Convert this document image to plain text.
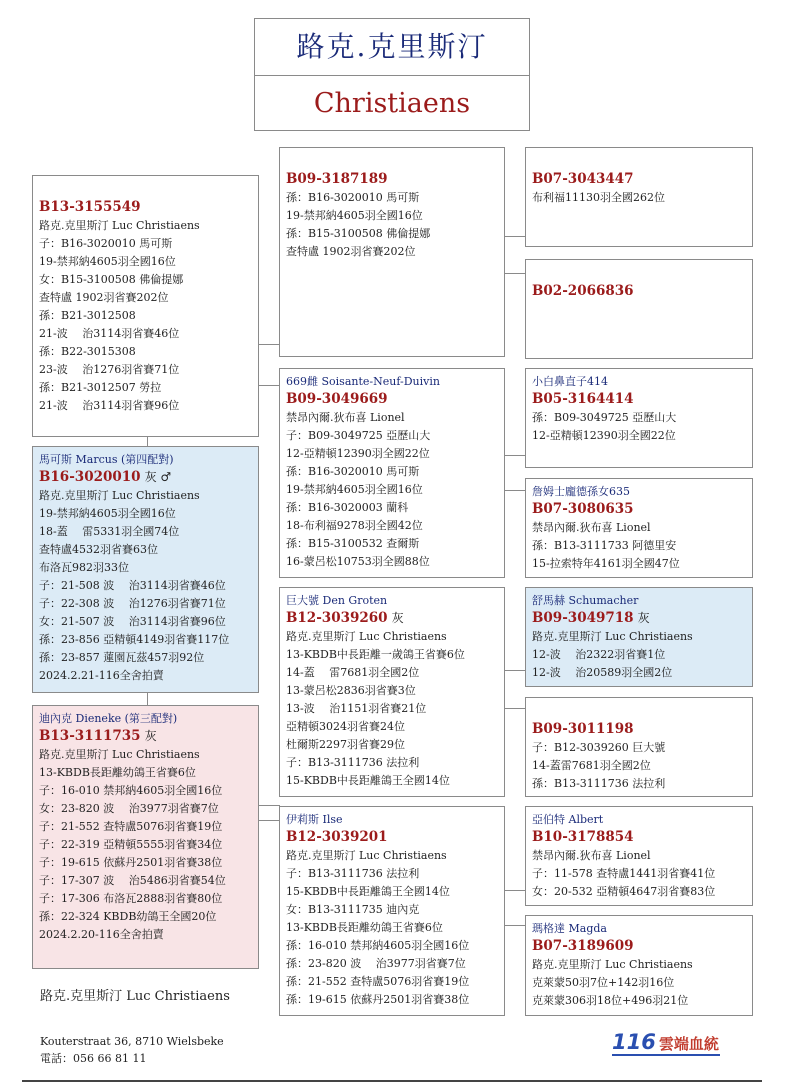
路克.克里斯汀
Christiaens
B13-3155549
路克.克里斯汀 Luc Christiaens
子：B16-3020010 馬可斯
19-禁邦納4605羽全國16位
女：B15-3100508 佛倫提娜
查特盧 1902羽省賽202位
孫：B21-3012508
21-波　 治3114羽省賽46位
孫：B22-3015308
23-波　 治1276羽省賽71位
孫：B21-3012507 勞拉
21-波　 治3114羽省賽96位
馬可斯 Marcus (第四配對)
B16-3020010 灰 ♂
路克.克里斯汀 Luc Christiaens
19-禁邦納4605羽全國16位
18-蓋　 雷5331羽全國74位
查特盧4532羽省賽63位
布洛瓦982羽33位
子：21-508 波　 治3114羽省賽46位
子：22-308 波　 治1276羽省賽71位
女：21-507 波　 治3114羽省賽96位
孫：23-856 亞精頓4149羽省賽117位
孫：23-857 蓮園瓦茲457羽92位
2024.2.21-116全舍拍賣
迪內克 Dieneke (第三配對)
B13-3111735 灰
路克.克里斯汀 Luc Christiaens
13-KBDB長距離幼鴿王省賽6位
子：16-010 禁邦納4605羽全國16位
女：23-820 波　 治3977羽省賽7位
子：21-552 查特盧5076羽省賽19位
子：22-319 亞精頓5555羽省賽34位
子：19-615 依蘇丹2501羽省賽38位
子：17-307 波　 治5486羽省賽54位
子：17-306 布洛瓦2888羽省賽80位
孫：22-324 KBDB幼鴿王全國20位
2024.2.20-116全舍拍賣
B09-3187189
孫：B16-3020010 馬可斯
19-禁邦納4605羽全國16位
孫：B15-3100508 佛倫提娜
查特盧 1902羽省賽202位
669雌 Soisante-Neuf-Duivin
B09-3049669
禁昂內爾.狄布喜 Lionel
子：B09-3049725 亞歷山大
12-亞精頓12390羽全國22位
孫：B16-3020010 馬可斯
19-禁邦納4605羽全國16位
孫：B16-3020003 蘭科
18-布利福9278羽全國42位
孫：B15-3100532 查爾斯
16-蒙呂松10753羽全國88位
巨大號 Den Groten
B12-3039260 灰
路克.克里斯汀 Luc Christiaens
13-KBDB中長距離一歲鴿王省賽6位
14-蓋　 雷7681羽全國2位
13-蒙呂松2836羽省賽3位
13-波　 治1151羽省賽21位
亞精頓3024羽省賽24位
杜爾斯2297羽省賽29位
子：B13-3111736 法拉利
15-KBDB中長距離鴿王全國14位
伊莉斯 Ilse
B12-3039201
路克.克里斯汀 Luc Christiaens
子：B13-3111736 法拉利
15-KBDB中長距離鴿王全國14位
女：B13-3111735 迪內克
13-KBDB長距離幼鴿王省賽6位
孫：16-010 禁邦納4605羽全國16位
孫：23-820 波　 治3977羽省賽7位
孫：21-552 查特盧5076羽省賽19位
孫：19-615 依蘇丹2501羽省賽38位
B07-3043447
布利福11130羽全國262位
B02-2066836
小白鼻直子414
B05-3164414
孫：B09-3049725 亞歷山大
12-亞精頓12390羽全國22位
詹姆士龐德孫女635
B07-3080635
禁昂內爾.狄布喜 Lionel
孫：B13-3111733 阿德里安
15-拉索特年4161羽全國47位
舒馬赫 Schumacher
B09-3049718 灰
路克.克里斯汀 Luc Christiaens
12-波　 治2322羽省賽1位
12-波　 治20589羽全國2位
B09-3011198
子：B12-3039260 巨大號
14-蓋雷7681羽全國2位
孫：B13-3111736 法拉利
亞伯特 Albert
B10-3178854
禁昂內爾.狄布喜 Lionel
子：11-578 查特盧1441羽省賽41位
女：20-532 亞精頓4647羽省賽83位
瑪格達 Magda
B07-3189609
路克.克里斯汀 Luc Christiaens
克萊蒙50羽7位+142羽16位
克萊蒙306羽18位+496羽21位
路克.克里斯汀 Luc Christiaens
Kouterstraat 36, 8710 Wielsbeke
電話：056 66 81 11
116 雲端血統
